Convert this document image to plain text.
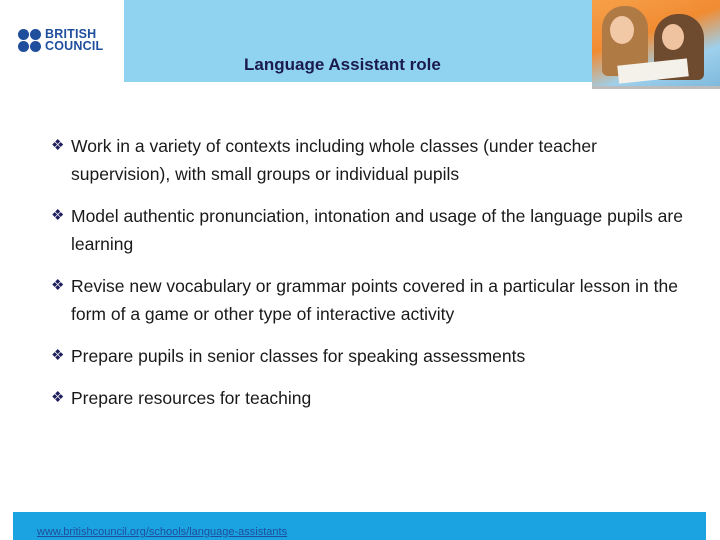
BRITISH
COUNCIL
Language Assistant role
❖ Work in a variety of contexts including whole classes (under teacher supervision), with small groups or individual pupils
❖ Model authentic pronunciation, intonation and usage of the language pupils are learning
❖ Revise new vocabulary or grammar points covered in a particular lesson in the form of a game or other type of interactive activity
❖ Prepare pupils in senior classes for speaking assessments
❖ Prepare resources for teaching
www.britishcouncil.org/schools/language-assistants
